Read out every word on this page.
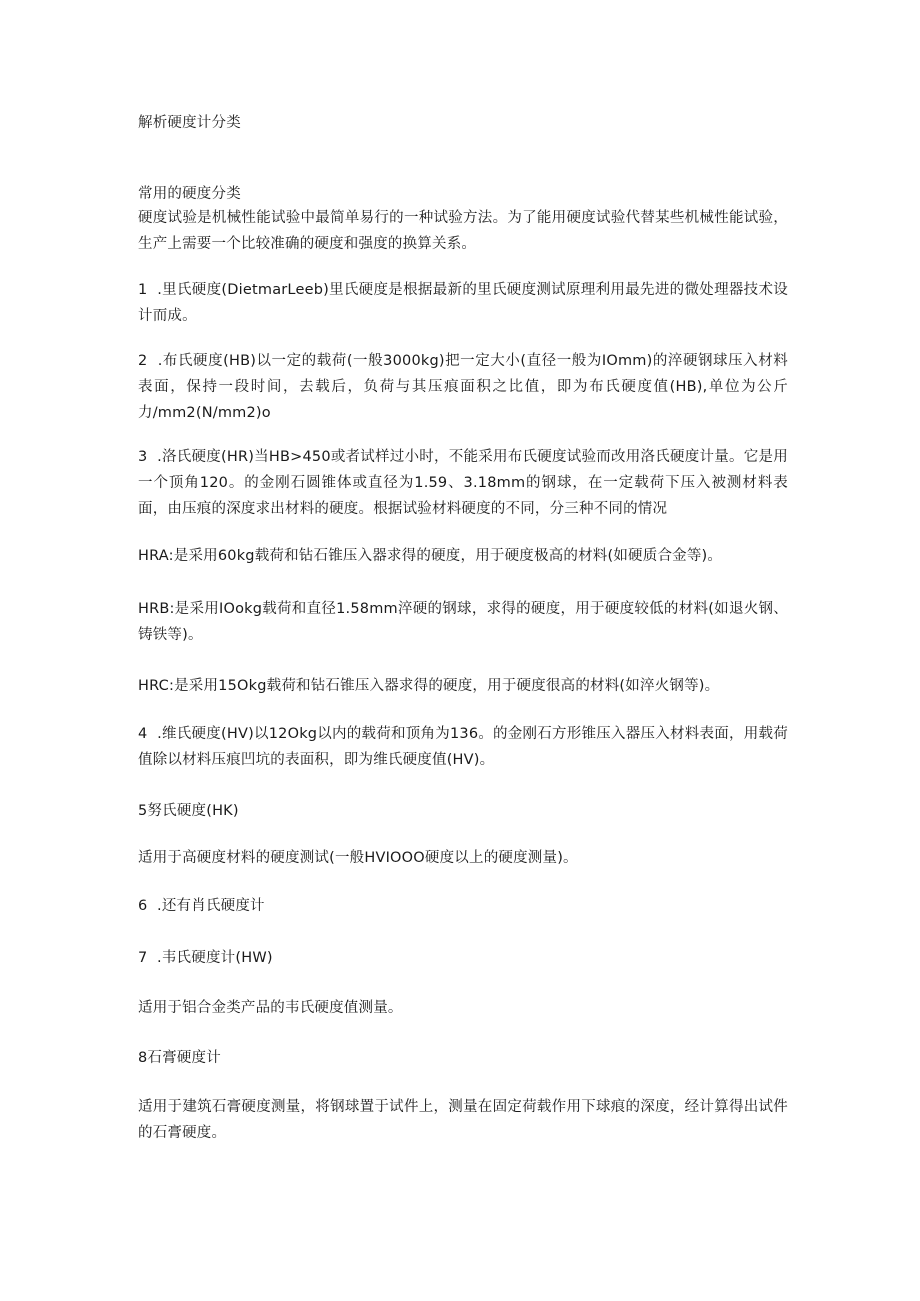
解析硬度计分类
常用的硬度分类
硬度试验是机械性能试验中最简单易行的一种试验方法。为了能用硬度试验代替某些机械性能试验，生产上需要一个比较准确的硬度和强度的换算关系。
1  .里氏硬度(DietmarLeeb)里氏硬度是根据最新的里氏硬度测试原理利用最先进的微处理器技术设计而成。
2  .布氏硬度(HB)以一定的载荷(一般3000kg)把一定大小(直径一般为IOmm)的淬硬钢球压入材料表面，保持一段时间，去载后，负荷与其压痕面积之比值，即为布氏硬度值(HB),单位为公斤力/mm2(N∕mm2)o
3  .洛氏硬度(HR)当HB>450或者试样过小时，不能采用布氏硬度试验而改用洛氏硬度计量。它是用一个顶角120。的金刚石圆锥体或直径为1.59、3.18mm的钢球，在一定载荷下压入被测材料表面，由压痕的深度求出材料的硬度。根据试验材料硬度的不同，分三种不同的情况
HRA:是采用60kg载荷和钻石锥压入器求得的硬度，用于硬度极高的材料(如硬质合金等)。
HRB:是采用IOokg载荷和直径1.58mm淬硬的钢球，求得的硬度，用于硬度较低的材料(如退火钢、铸铁等)。
HRC:是采用15Okg载荷和钻石锥压入器求得的硬度，用于硬度很高的材料(如淬火钢等)。
4  .维氏硬度(HV)以12Okg以内的载荷和顶角为136。的金刚石方形锥压入器压入材料表面，用载荷值除以材料压痕凹坑的表面积，即为维氏硬度值(HV)。
5努氏硬度(HK)
适用于高硬度材料的硬度测试(一般HVIOOO硬度以上的硬度测量)。
6  .还有肖氏硬度计
7  .韦氏硬度计(HW)
适用于铝合金类产品的韦氏硬度值测量。
8石膏硬度计
适用于建筑石膏硬度测量，将钢球置于试件上，测量在固定荷载作用下球痕的深度，经计算得出试件的石膏硬度。
